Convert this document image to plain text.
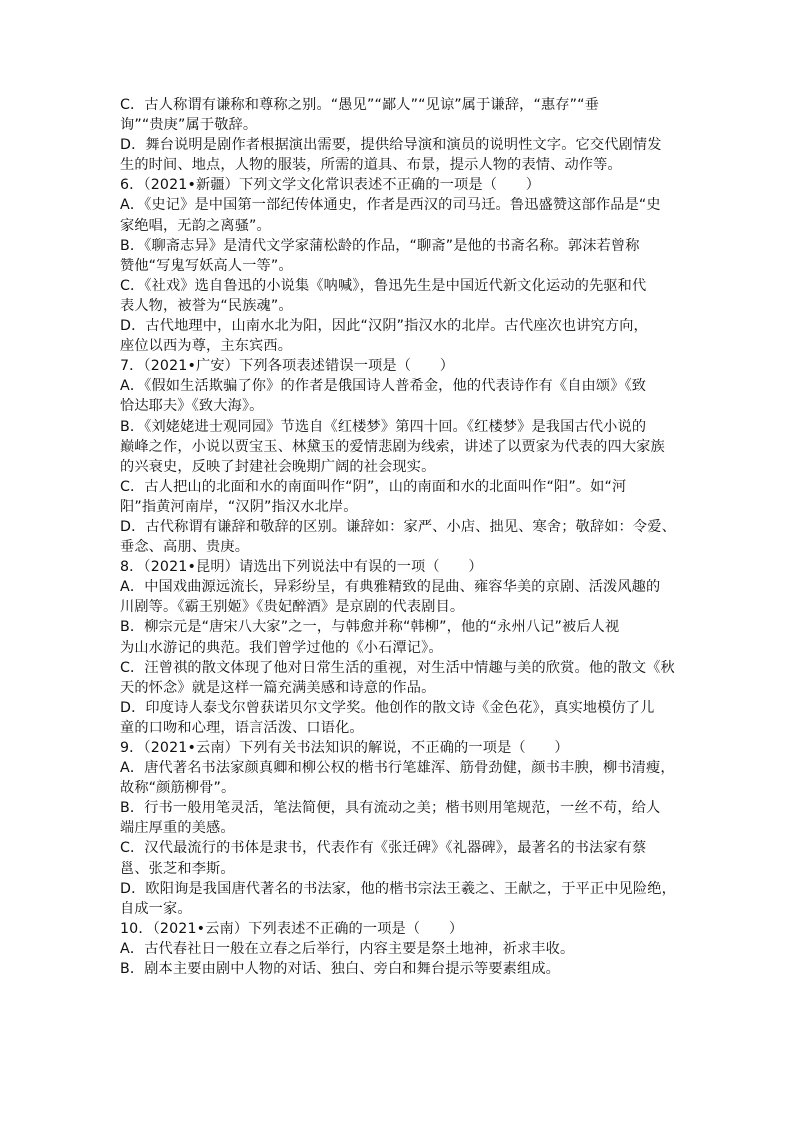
C．古人称谓有谦称和尊称之别。“愚见”“鄙人”“见谅”属于谦辞，“惠存”“垂
询”“贵庚”属于敬辞。
D．舞台说明是剧作者根据演出需要，提供给导演和演员的说明性文字。它交代剧情发
生的时间、地点，人物的服装，所需的道具、布景，提示人物的表情、动作等。
6．（2021•新疆）下列文学文化常识表述不正确的一项是（　　）
A．《史记》是中国第一部纪传体通史，作者是西汉的司马迁。鲁迅盛赞这部作品是“史
家绝唱，无韵之离骚”。
B．《聊斋志异》是清代文学家蒲松龄的作品，“聊斋”是他的书斋名称。郭沫若曾称
赞他“写鬼写妖高人一等”。
C．《社戏》选自鲁迅的小说集《呐喊》，鲁迅先生是中国近代新文化运动的先驱和代
表人物，被誉为“民族魂”。
D．古代地理中，山南水北为阳，因此“汉阴”指汉水的北岸。古代座次也讲究方向，
座位以西为尊，主东宾西。
7．（2021•广安）下列各项表述错误一项是（　　）
A．《假如生活欺骗了你》的作者是俄国诗人普希金，他的代表诗作有《自由颂》《致
恰达耶夫》《致大海》。
B．《刘姥姥进士观同园》节选自《红楼梦》第四十回。《红楼梦》是我国古代小说的
巅峰之作，小说以贾宝玉、林黛玉的爱情悲剧为线索，讲述了以贾家为代表的四大家族
的兴衰史，反映了封建社会晚期广阔的社会现实。
C．古人把山的北面和水的南面叫作“阴”，山的南面和水的北面叫作“阳”。如“河
阳”指黄河南岸，“汉阴”指汉水北岸。
D．古代称谓有谦辞和敬辞的区别。谦辞如：家严、小店、拙见、寒舍；敬辞如：令爱、
垂念、高朋、贵庚。
8．（2021•昆明）请选出下列说法中有误的一项（　　）
A．中国戏曲源远流长，异彩纷呈，有典雅精致的昆曲、雍容华美的京剧、活泼风趣的
川剧等。《霸王别姬》《贵妃醉酒》是京剧的代表剧目。
B．柳宗元是“唐宋八大家”之一，与韩愈并称“韩柳”，他的“永州八记”被后人视
为山水游记的典范。我们曾学过他的《小石潭记》。
C．汪曾祺的散文体现了他对日常生活的重视，对生活中情趣与美的欣赏。他的散文《秋
天的怀念》就是这样一篇充满美感和诗意的作品。
D．印度诗人泰戈尔曾获诺贝尔文学奖。他创作的散文诗《金色花》，真实地模仿了儿
童的口吻和心理，语言活泼、口语化。
9．（2021•云南）下列有关书法知识的解说，不正确的一项是（　　）
A．唐代著名书法家颜真卿和柳公权的楷书行笔雄浑、筋骨劲健，颜书丰腴，柳书清瘦，
故称“颜筋柳骨”。
B．行书一般用笔灵活，笔法简便，具有流动之美；楷书则用笔规范，一丝不苟，给人
端庄厚重的美感。
C．汉代最流行的书体是隶书，代表作有《张迁碑》《礼器碑》，最著名的书法家有蔡
邕、张芝和李斯。
D．欧阳询是我国唐代著名的书法家，他的楷书宗法王羲之、王献之，于平正中见险绝，
自成一家。
10．（2021•云南）下列表述不正确的一项是（　　）
A．古代春社日一般在立春之后举行，内容主要是祭土地神，祈求丰收。
B．剧本主要由剧中人物的对话、独白、旁白和舞台提示等要素组成。
